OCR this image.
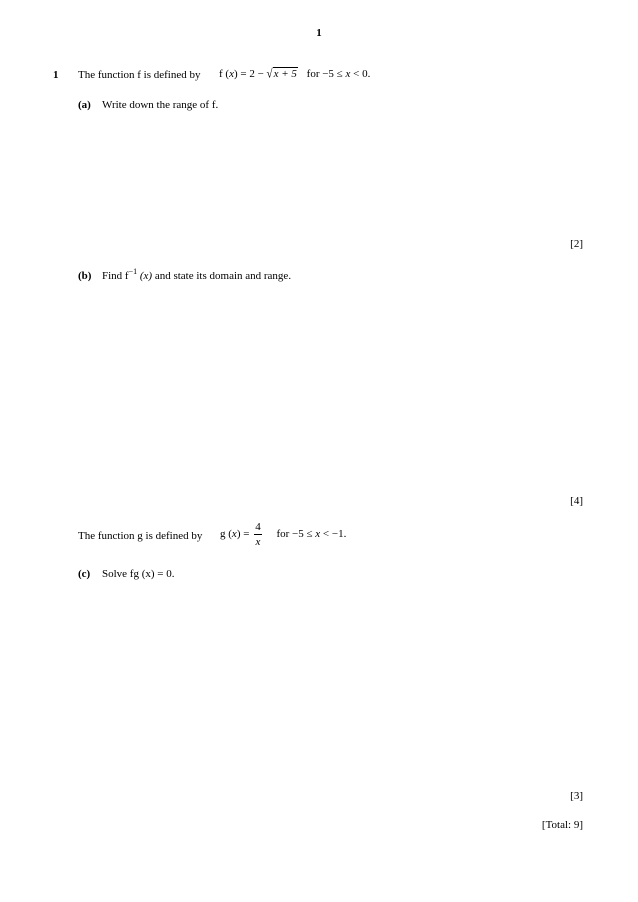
1
1 The function f is defined by f (x) = 2 − √x + 5 for −5 ≤ x < 0.
(a) Write down the range of f.
[2]
(b) Find $f^{-1}$ (x) and state its domain and range.
[4]
The function g is defined by g $(x) = \frac{4}{x}$ for −5 ≤ x < −1.
(c) Solve fg (x) = 0.
[3]
[Total: 9]
